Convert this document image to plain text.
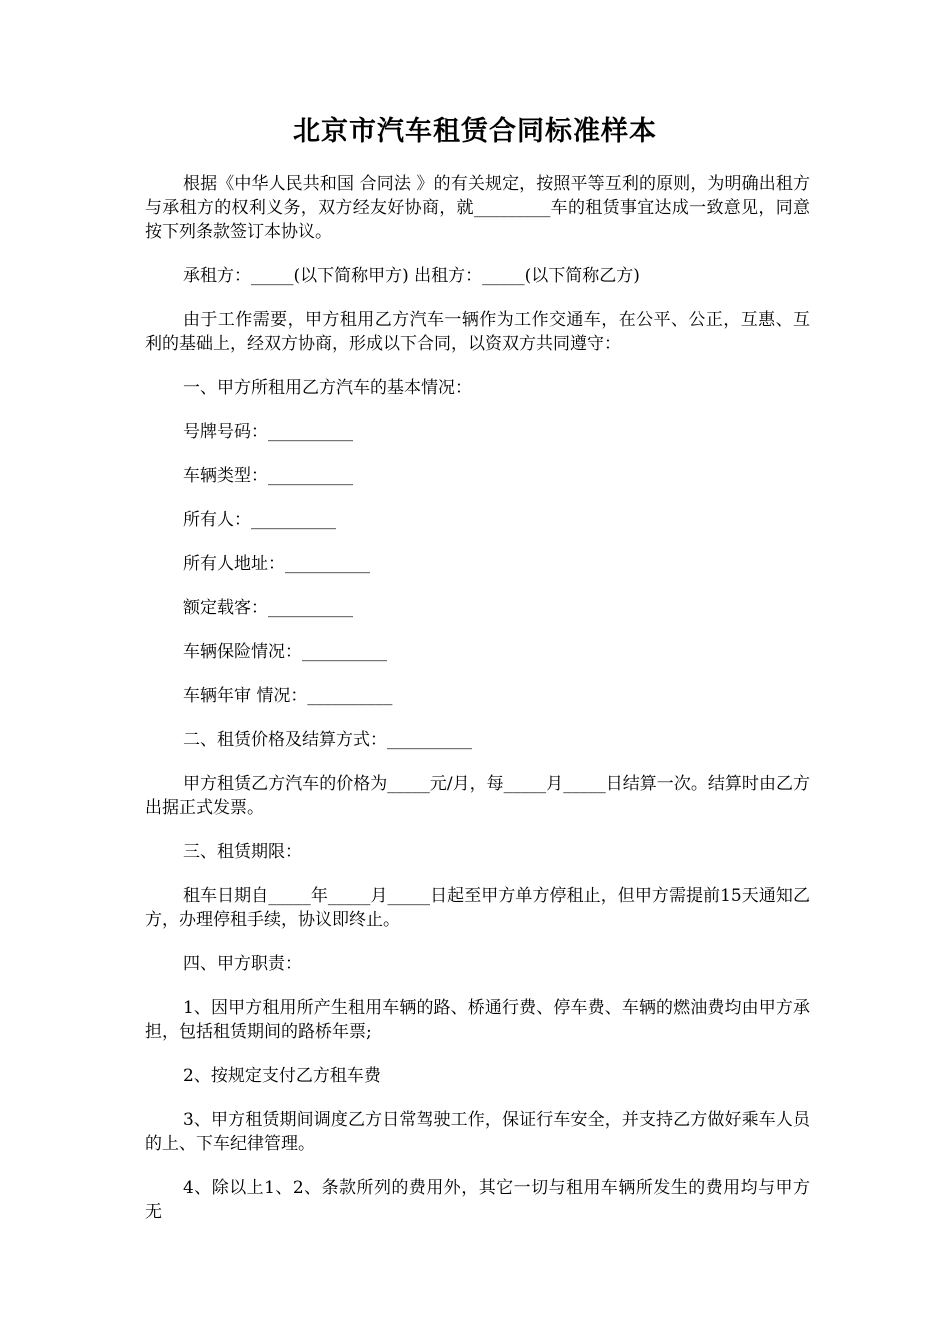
北京市汽车租赁合同标准样本

根据《中华人民共和国 合同法 》的有关规定，按照平等互利的原则，为明确出租方与承租方的权利义务，双方经友好协商，就_________车的租赁事宜达成一致意见，同意按下列条款签订本协议。

承租方：_____(以下简称甲方) 出租方：_____(以下简称乙方)

由于工作需要，甲方租用乙方汽车一辆作为工作交通车，在公平、公正，互惠、互利的基础上，经双方协商，形成以下合同，以资双方共同遵守：

一、甲方所租用乙方汽车的基本情况：

号牌号码：__________

车辆类型：__________

所有人：__________

所有人地址：__________

额定载客：__________

车辆保险情况：__________

车辆年审 情况：__________

二、租赁价格及结算方式：__________

甲方租赁乙方汽车的价格为_____元/月，每_____月_____日结算一次。结算时由乙方出据正式发票。

三、租赁期限：

租车日期自_____年_____月_____日起至甲方单方停租止，但甲方需提前15天通知乙方，办理停租手续，协议即终止。

四、甲方职责：

1、因甲方租用所产生租用车辆的路、桥通行费、停车费、车辆的燃油费均由甲方承担，包括租赁期间的路桥年票;

2、按规定支付乙方租车费

3、甲方租赁期间调度乙方日常驾驶工作，保证行车安全，并支持乙方做好乘车人员的上、下车纪律管理。

4、除以上1、2、条款所列的费用外，其它一切与租用车辆所发生的费用均与甲方无
